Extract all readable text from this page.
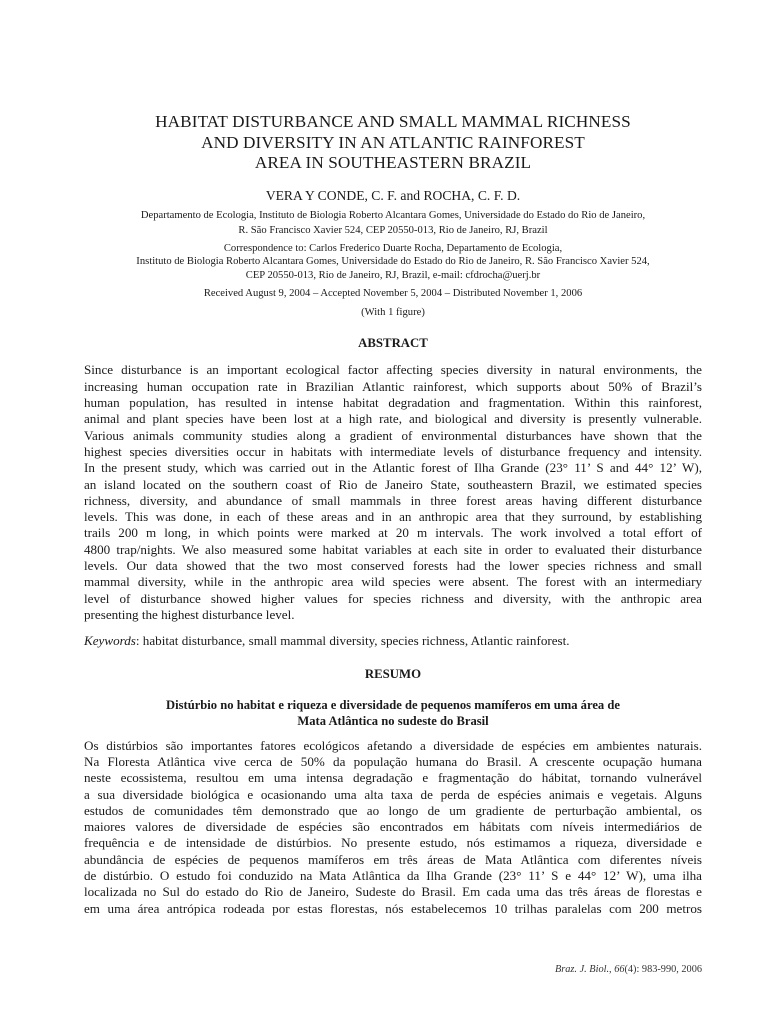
HABITAT DISTURBANCE AND SMALL MAMMAL RICHNESS
AND DIVERSITY IN AN ATLANTIC RAINFOREST
AREA IN SOUTHEASTERN BRAZIL
VERA Y CONDE, C. F. and ROCHA, C. F. D.
Departamento de Ecologia, Instituto de Biologia Roberto Alcantara Gomes, Universidade do Estado do Rio de Janeiro,
R. São Francisco Xavier 524, CEP 20550-013, Rio de Janeiro, RJ, Brazil
Correspondence to: Carlos Frederico Duarte Rocha, Departamento de Ecologia,
Instituto de Biologia Roberto Alcantara Gomes, Universidade do Estado do Rio de Janeiro, R. São Francisco Xavier 524,
CEP 20550-013, Rio de Janeiro, RJ, Brazil, e-mail: cfdrocha@uerj.br
Received August 9, 2004 – Accepted November 5, 2004 – Distributed November 1, 2006
(With 1 figure)
ABSTRACT
Since disturbance is an important ecological factor affecting species diversity in natural environments, the
increasing human occupation rate in Brazilian Atlantic rainforest, which supports about 50% of Brazil’s
human population, has resulted in intense habitat degradation and fragmentation. Within this rainforest,
animal and plant species have been lost at a high rate, and biological and diversity is presently vulnerable.
Various animals community studies along a gradient of environmental disturbances have shown that the
highest species diversities occur in habitats with intermediate levels of disturbance frequency and intensity.
In the present study, which was carried out in the Atlantic forest of Ilha Grande (23° 11’ S and 44° 12’ W),
an island located on the southern coast of Rio de Janeiro State, southeastern Brazil, we estimated species
richness, diversity, and abundance of small mammals in three forest areas having different disturbance
levels. This was done, in each of these areas and in an anthropic area that they surround, by establishing
trails 200 m long, in which points were marked at 20 m intervals. The work involved a total effort of
4800 trap/nights. We also measured some habitat variables at each site in order to evaluated their disturbance
levels. Our data showed that the two most conserved forests had the lower species richness and small
mammal diversity, while in the anthropic area wild species were absent. The forest with an intermediary
level of disturbance showed higher values for species richness and diversity, with the anthropic area
presenting the highest disturbance level.
Keywords: habitat disturbance, small mammal diversity, species richness, Atlantic rainforest.
RESUMO
Distúrbio no habitat e riqueza e diversidade de pequenos mamíferos em uma área de
Mata Atlântica no sudeste do Brasil
Os distúrbios são importantes fatores ecológicos afetando a diversidade de espécies em ambientes naturais.
Na Floresta Atlântica vive cerca de 50% da população humana do Brasil. A crescente ocupação humana
neste ecossistema, resultou em uma intensa degradação e fragmentação do hábitat, tornando vulnerável
a sua diversidade biológica e ocasionando uma alta taxa de perda de espécies animais e vegetais. Alguns
estudos de comunidades têm demonstrado que ao longo de um gradiente de perturbação ambiental, os
maiores valores de diversidade de espécies são encontrados em hábitats com níveis intermediários de
frequência e de intensidade de distúrbios. No presente estudo, nós estimamos a riqueza, diversidade e
abundância de espécies de pequenos mamíferos em três áreas de Mata Atlântica com diferentes níveis
de distúrbio. O estudo foi conduzido na Mata Atlântica da Ilha Grande (23° 11’ S e 44° 12’ W), uma ilha
localizada no Sul do estado do Rio de Janeiro, Sudeste do Brasil. Em cada uma das três áreas de florestas e
em uma área antrópica rodeada por estas florestas, nós estabelecemos 10 trilhas paralelas com 200 metros
Braz. J. Biol., 66(4): 983-990, 2006
